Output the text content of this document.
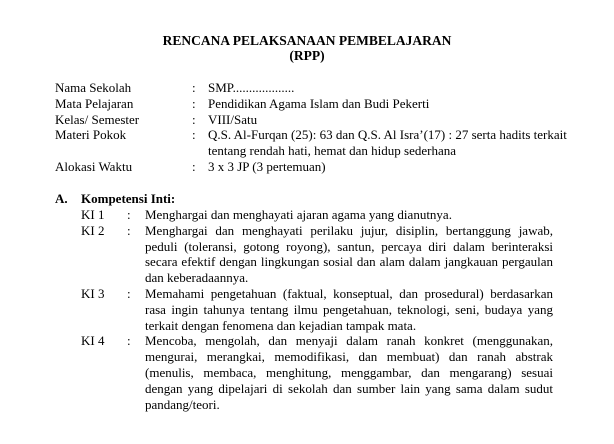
RENCANA PELAKSANAAN PEMBELAJARAN
(RPP)
Nama Sekolah	: SMP...................
Mata Pelajaran	: Pendidikan Agama Islam dan Budi Pekerti
Kelas/ Semester	: VIII/Satu
Materi Pokok	: Q.S. Al-Furqan (25): 63 dan Q.S. Al Isra’(17) : 27 serta hadits terkait tentang rendah hati, hemat dan hidup sederhana
Alokasi Waktu	: 3 x 3 JP (3 pertemuan)
A.	Kompetensi Inti:
KI 1	:	Menghargai dan menghayati ajaran agama yang dianutnya.
KI 2	:	Menghargai dan menghayati perilaku jujur, disiplin, bertanggung jawab, peduli (toleransi, gotong royong), santun, percaya diri dalam berinteraksi secara efektif dengan lingkungan sosial dan alam dalam jangkauan pergaulan dan keberadaannya.
KI 3	:	Memahami pengetahuan (faktual, konseptual, dan prosedural) berdasarkan rasa ingin tahunya tentang ilmu pengetahuan, teknologi, seni, budaya yang terkait dengan fenomena dan kejadian tampak mata.
KI 4	:	Mencoba, mengolah, dan menyaji dalam ranah konkret (menggunakan, mengurai, merangkai, memodifikasi, dan membuat) dan ranah abstrak (menulis, membaca, menghitung, menggambar, dan mengarang) sesuai dengan yang dipelajari di sekolah dan sumber lain yang sama dalam sudut pandang/teori.
